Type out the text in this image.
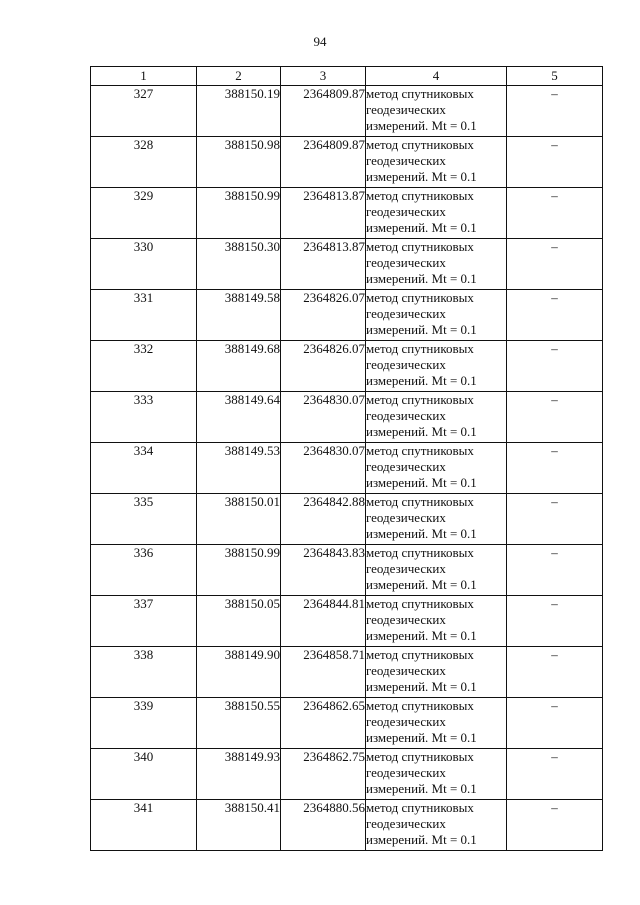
94
1	2	3	4	5
327	388150.19	2364809.87	метод спутниковых
геодезических
измерений. Mt = 0.1	–
328	388150.98	2364809.87	метод спутниковых
геодезических
измерений. Mt = 0.1	–
329	388150.99	2364813.87	метод спутниковых
геодезических
измерений. Mt = 0.1	–
330	388150.30	2364813.87	метод спутниковых
геодезических
измерений. Mt = 0.1	–
331	388149.58	2364826.07	метод спутниковых
геодезических
измерений. Mt = 0.1	–
332	388149.68	2364826.07	метод спутниковых
геодезических
измерений. Mt = 0.1	–
333	388149.64	2364830.07	метод спутниковых
геодезических
измерений. Mt = 0.1	–
334	388149.53	2364830.07	метод спутниковых
геодезических
измерений. Mt = 0.1	–
335	388150.01	2364842.88	метод спутниковых
геодезических
измерений. Mt = 0.1	–
336	388150.99	2364843.83	метод спутниковых
геодезических
измерений. Mt = 0.1	–
337	388150.05	2364844.81	метод спутниковых
геодезических
измерений. Mt = 0.1	–
338	388149.90	2364858.71	метод спутниковых
геодезических
измерений. Mt = 0.1	–
339	388150.55	2364862.65	метод спутниковых
геодезических
измерений. Mt = 0.1	–
340	388149.93	2364862.75	метод спутниковых
геодезических
измерений. Mt = 0.1	–
341	388150.41	2364880.56	метод спутниковых
геодезических
измерений. Mt = 0.1	–
